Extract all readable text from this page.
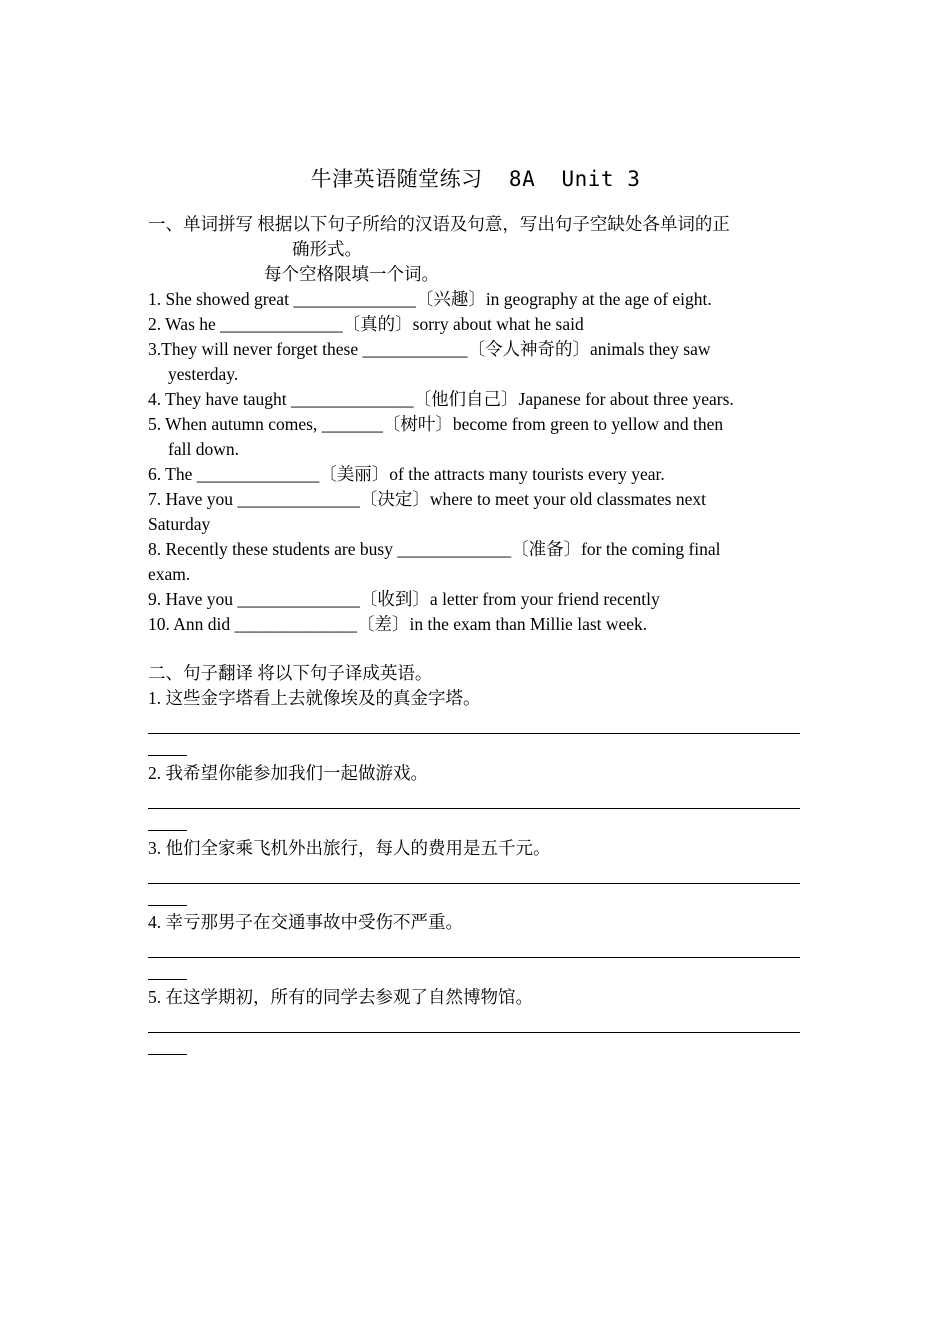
牛津英语随堂练习  8A  Unit 3
一、单词拼写 根据以下句子所给的汉语及句意，写出句子空缺处各单词的正
确形式。
每个空格限填一个词。
1. She showed great ______________〔兴趣〕in geography at the age of eight.
2. Was he ______________〔真的〕sorry about what he said
3.They will never forget these ____________〔令人神奇的〕animals they saw
yesterday.
4. They have taught ______________〔他们自己〕Japanese for about three years.
5. When autumn comes, _______〔树叶〕become from green to yellow and then
fall down.
6. The ______________〔美丽〕of the attracts many tourists every year.
7. Have you ______________〔决定〕where to meet your old classmates next
Saturday
8. Recently these students are busy _____________〔准备〕for the coming final
exam.
9. Have you ______________〔收到〕a letter from your friend recently
10. Ann did ______________〔差〕in the exam than Millie last week.
二、句子翻译 将以下句子译成英语。
1. 这些金字塔看上去就像埃及的真金字塔。
2. 我希望你能参加我们一起做游戏。
3. 他们全家乘飞机外出旅行，每人的费用是五千元。
4. 幸亏那男子在交通事故中受伤不严重。
5. 在这学期初，所有的同学去参观了自然博物馆。
